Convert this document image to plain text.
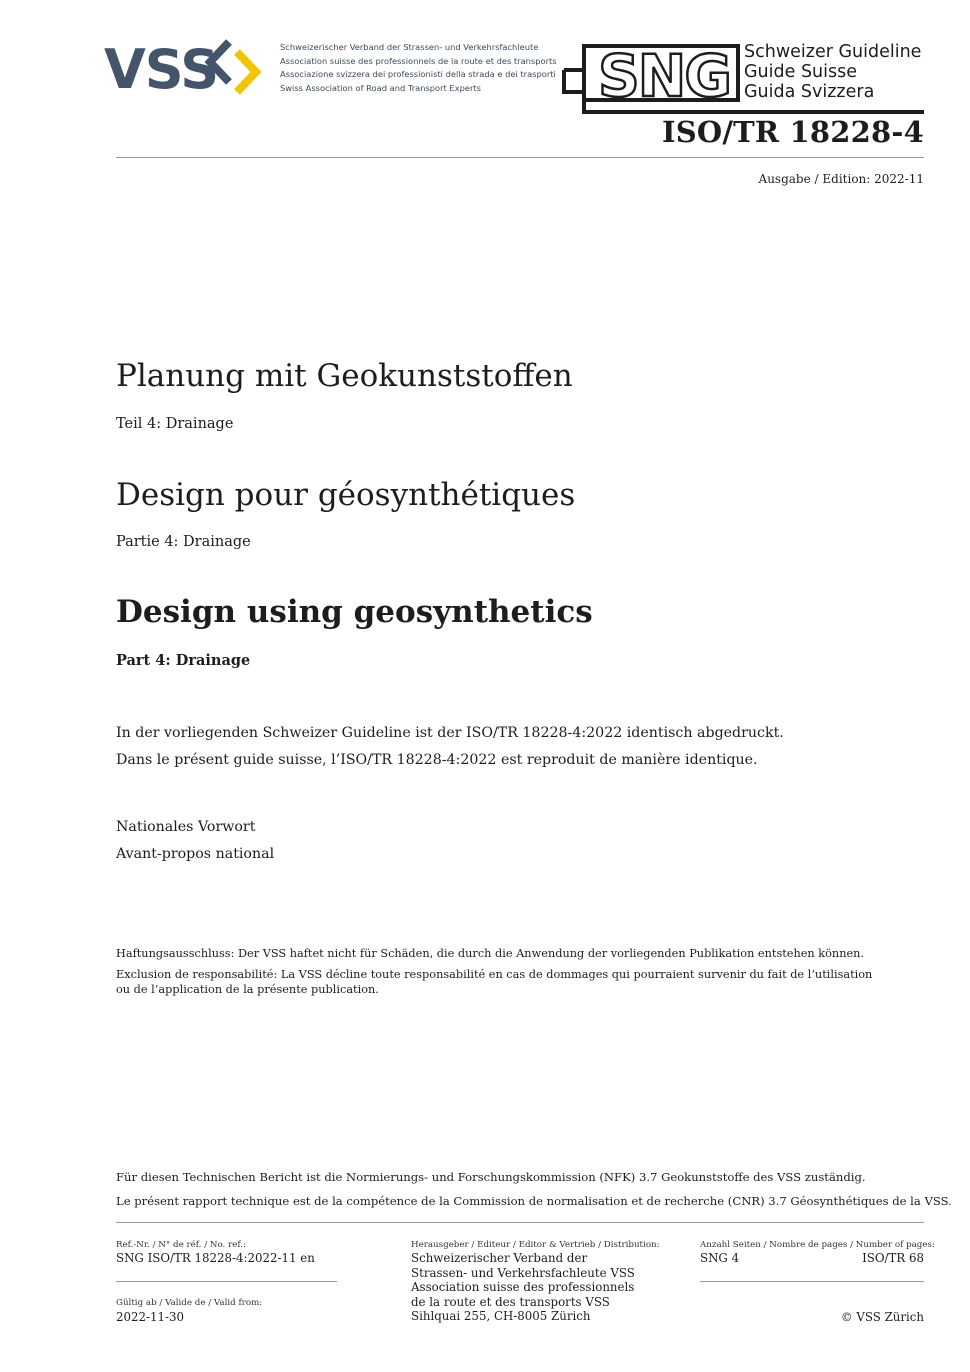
VSS	Schweizerischer Verband der Strassen- und Verkehrsfachleute
Association suisse des professionnels de la route et des transports
Associazione svizzera dei professionisti della strada e dei trasporti
Swiss Association of Road and Transport Experts	SNG Schweizer Guideline
Guide Suisse
Guida Svizzera
ISO/TR 18228-4
Ausgabe / Edition: 2022-11
Planung mit Geokunststoffen
Teil 4: Drainage
Design pour géosynthétiques
Partie 4: Drainage
Design using geosynthetics
Part 4: Drainage
In der vorliegenden Schweizer Guideline ist der ISO/TR 18228-4:2022 identisch abgedruckt.
Dans le présent guide suisse, l’ISO/TR 18228-4:2022 est reproduit de manière identique.
Nationales Vorwort
Avant-propos national
Haftungsausschluss: Der VSS haftet nicht für Schäden, die durch die Anwendung der vorliegenden Publikation entstehen können.
Exclusion de responsabilité: La VSS décline toute responsabilité en cas de dommages qui pourraient survenir du fait de l’utilisation ou de l’application de la présente publication.
Für diesen Technischen Bericht ist die Normierungs- und Forschungskommission (NFK) 3.7 Geokunststoffe des VSS zuständig.
Le présent rapport technique est de la compétence de la Commission de normalisation et de recherche (CNR) 3.7 Géosynthétiques de la VSS.
Ref.-Nr. / N° de réf. / No. ref.:
SNG ISO/TR 18228-4:2022-11 en
Gültig ab / Valide de / Valid from:
2022-11-30
Herausgeber / Editeur / Editor & Vertrieb / Distribution:
Schweizerischer Verband der
Strassen- und Verkehrsfachleute VSS
Association suisse des professionnels
de la route et des transports VSS
Sihlquai 255, CH-8005 Zürich
Anzahl Seiten / Nombre de pages / Number of pages:
SNG 4	ISO/TR 68
© VSS Zürich
